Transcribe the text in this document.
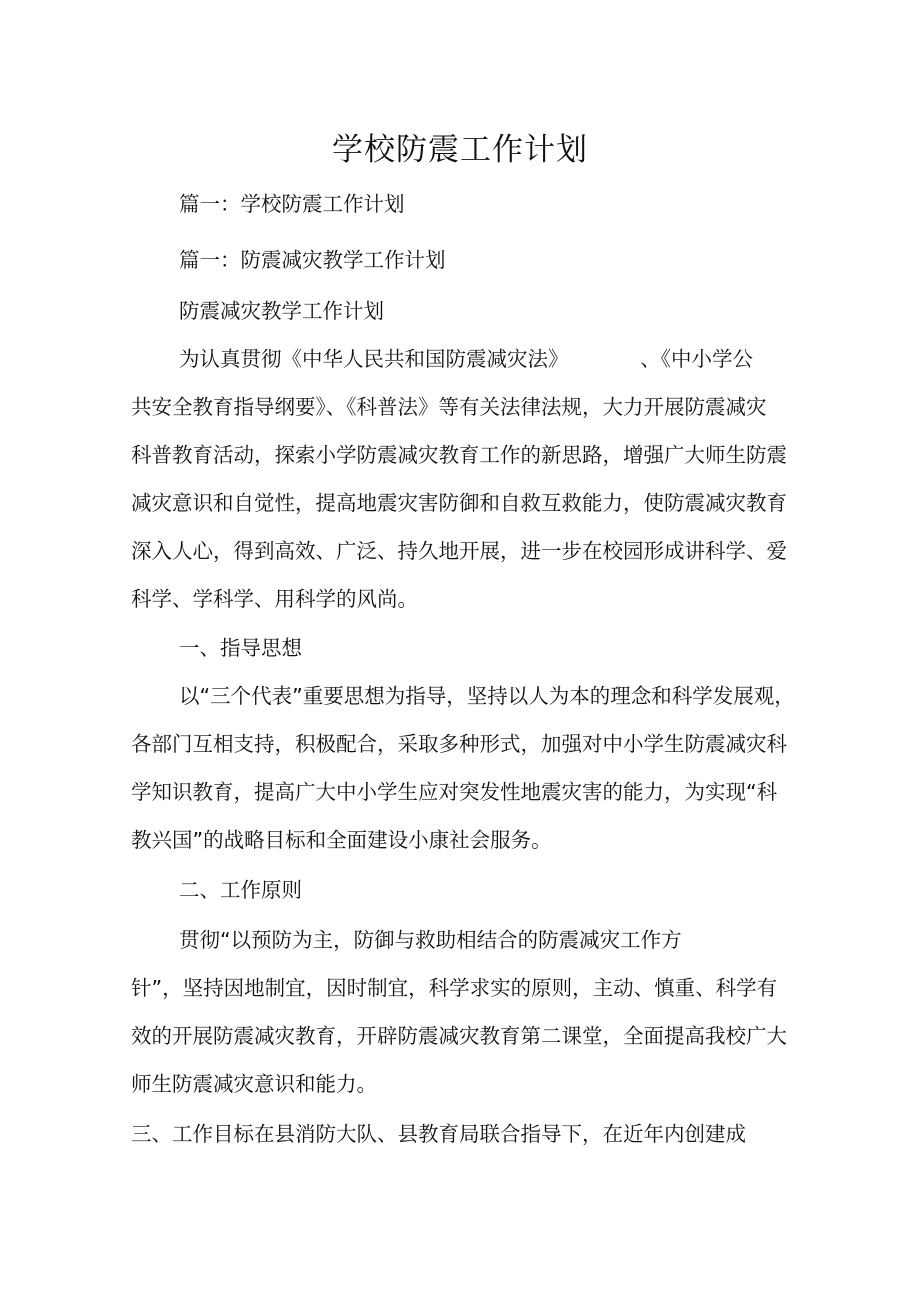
学校防震工作计划

篇一：学校防震工作计划

篇一：防震减灾教学工作计划

防震减灾教学工作计划

为认真贯彻《中华人民共和国防震减灾法》　　　　、《中小学公

共安全教育指导纲要》、《科普法》等有关法律法规，大力开展防震减灾

科普教育活动，探索小学防震减灾教育工作的新思路，增强广大师生防震

减灾意识和自觉性，提高地震灾害防御和自救互救能力，使防震减灾教育

深入人心，得到高效、广泛、持久地开展，进一步在校园形成讲科学、爱

科学、学科学、用科学的风尚。

一、指导思想

以“三个代表”重要思想为指导，坚持以人为本的理念和科学发展观，

各部门互相支持，积极配合，采取多种形式，加强对中小学生防震减灾科

学知识教育，提高广大中小学生应对突发性地震灾害的能力，为实现“科

教兴国”的战略目标和全面建设小康社会服务。

二、工作原则

贯彻“以预防为主，防御与救助相结合的防震减灾工作方

针”，坚持因地制宜，因时制宜，科学求实的原则，主动、慎重、科学有

效的开展防震减灾教育，开辟防震减灾教育第二课堂，全面提高我校广大

师生防震减灾意识和能力。

三、工作目标在县消防大队、县教育局联合指导下，在近年内创建成
